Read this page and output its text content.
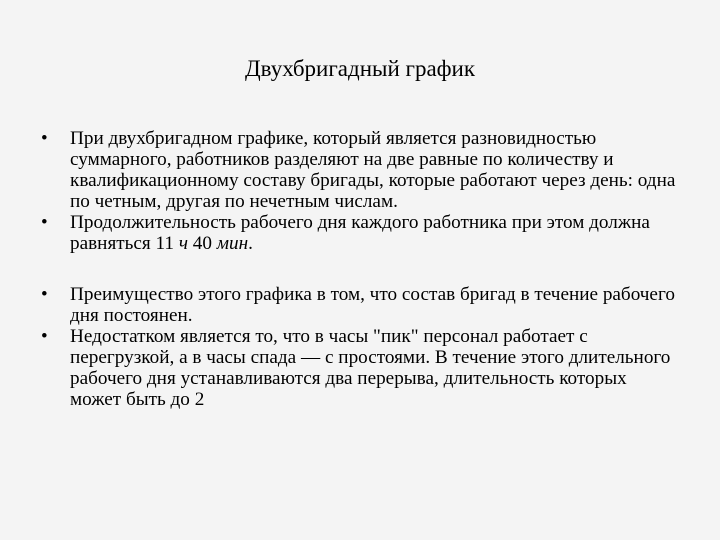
Двухбригадный график
•	При двухбригадном графике, который является разновидностью суммарного, работников разделяют на две равные по количеству и квалификационному составу бригады, которые работают через день: одна по четным, другая по нечетным числам.
•	Продолжительность рабочего дня каждого работника при этом должна равняться 11 ч 40 мин.
•	Преимущество этого графика в том, что состав бригад в течение рабочего дня постоянен.
•	Недостатком является то, что в часы "пик" персонал работает с перегрузкой, а в часы спада — с простоями. В течение этого длительного рабочего дня устанавливаются два перерыва, длительность которых может быть до 2
